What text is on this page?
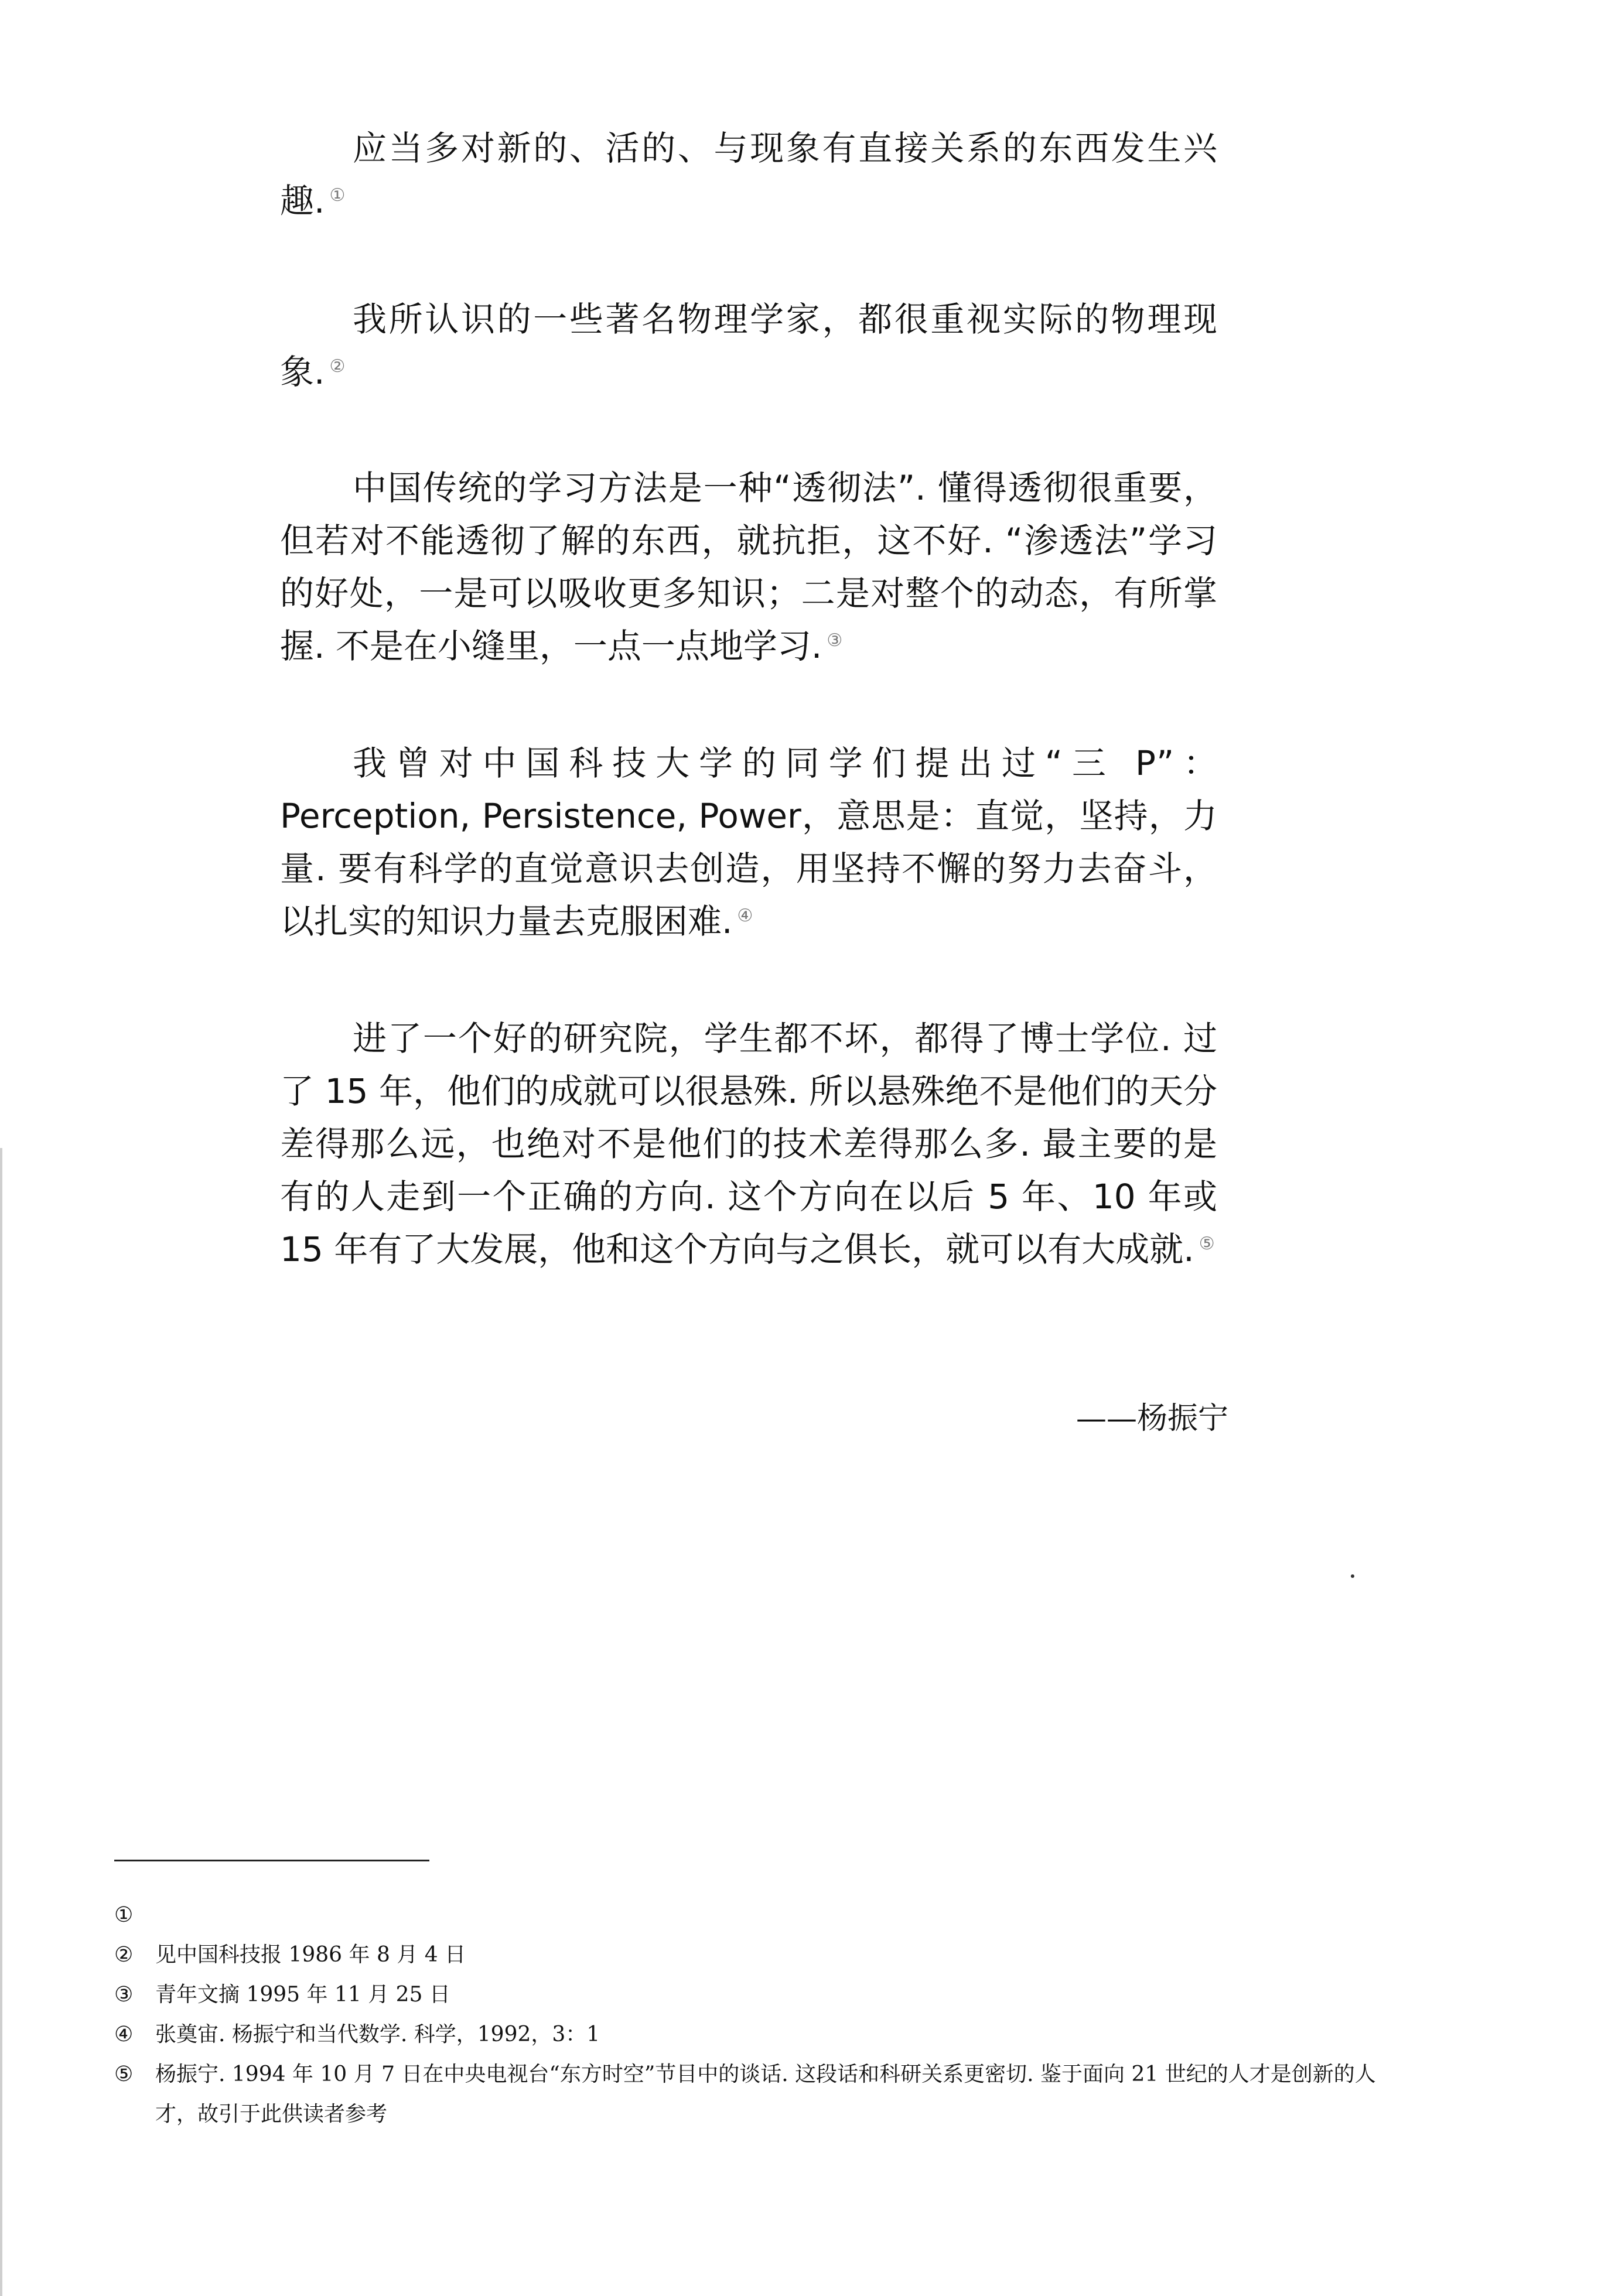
应当多对新的、活的、与现象有直接关系的东西发生兴趣. ①

我所认识的一些著名物理学家，都很重视实际的物理现象. ②

中国传统的学习方法是一种“透彻法”. 懂得透彻很重要，但若对不能透彻了解的东西，就抗拒，这不好. “渗透法”学习的好处，一是可以吸收更多知识；二是对整个的动态，有所掌握. 不是在小缝里，一点一点地学习. ③

我曾对中国科技大学的同学们提出过“三 P”：Perception, Persistence, Power，意思是：直觉，坚持，力量. 要有科学的直觉意识去创造，用坚持不懈的努力去奋斗，以扎实的知识力量去克服困难. ④

进了一个好的研究院，学生都不坏，都得了博士学位. 过了 15 年，他们的成就可以很悬殊. 所以悬殊绝不是他们的天分差得那么远，也绝对不是他们的技术差得那么多. 最主要的是有的人走到一个正确的方向. 这个方向在以后 5 年、10 年或 15 年有了大发展，他和这个方向与之俱长，就可以有大成就. ⑤

——杨振宁

① ② 见中国科技报 1986 年 8 月 4 日

③ 青年文摘 1995 年 11 月 25 日

④ 张奠宙. 杨振宁和当代数学. 科学，1992，3：1

⑤ 杨振宁. 1994 年 10 月 7 日在中央电视台“东方时空”节目中的谈话. 这段话和科研关系更密切. 鉴于面向 21 世纪的人才是创新的人才，故引于此供读者参考
